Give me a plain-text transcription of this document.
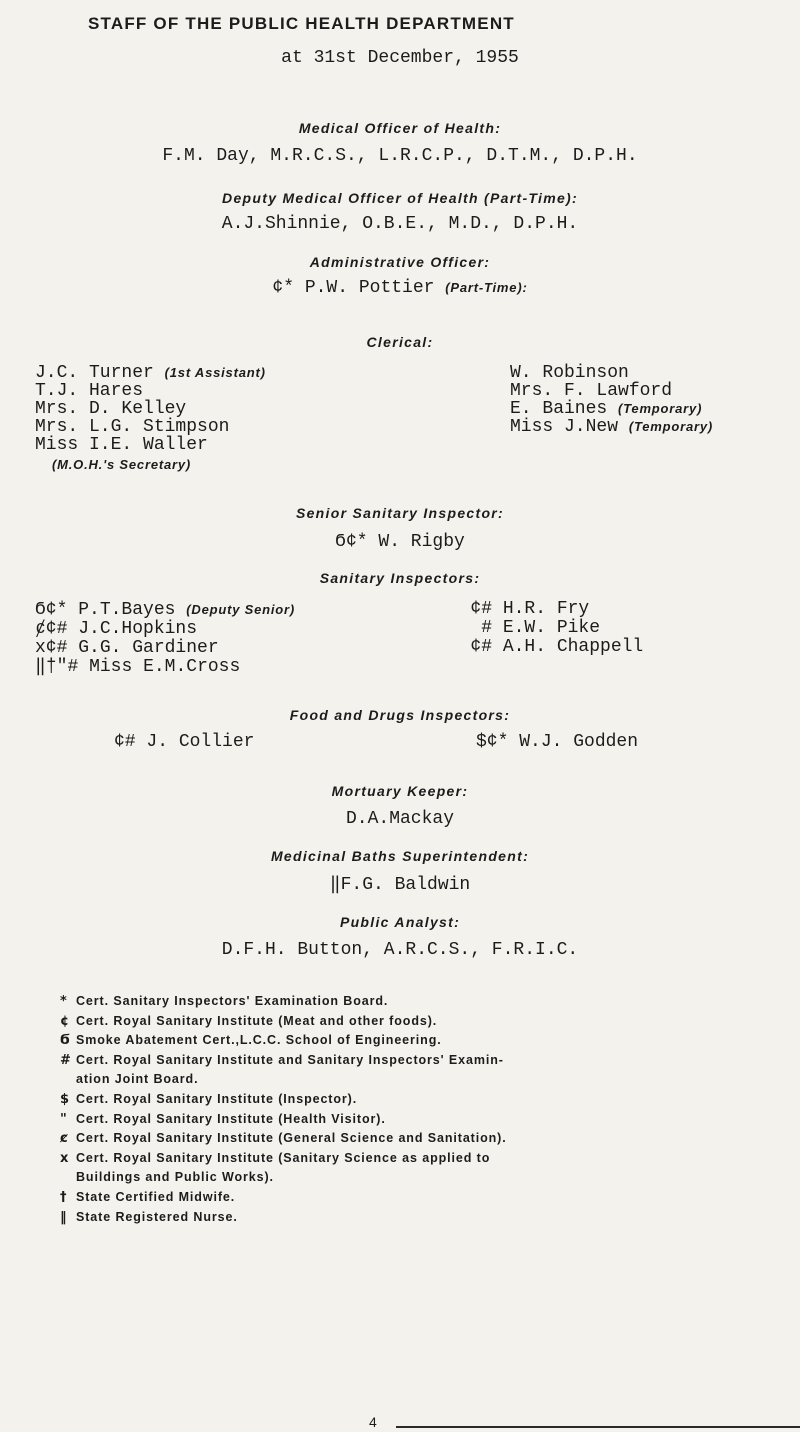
STAFF OF THE PUBLIC HEALTH DEPARTMENT
at 31st December, 1955
Medical Officer of Health:
F.M. Day, M.R.C.S., L.R.C.P., D.T.M., D.P.H.
Deputy Medical Officer of Health (Part-Time):
A.J.Shinnie, O.B.E., M.D., D.P.H.
Administrative Officer:
¢* P.W. Pottier (Part-Time):
Clerical:
J.C. Turner (1st Assistant)
T.J. Hares
Mrs. D. Kelley
Mrs. L.G. Stimpson
Miss I.E. Waller
(M.O.H.'s Secretary)
W. Robinson
Mrs. F. Lawford
E. Baines (Temporary)
Miss J.New (Temporary)
Senior Sanitary Inspector:
Ϭ¢* W. Rigby
Sanitary Inspectors:
Ϭ¢* P.T.Bayes (Deputy Senior)
ȼ¢# J.C.Hopkins
x¢# G.G. Gardiner
‖†"# Miss E.M.Cross
¢# H.R. Fry
# E.W. Pike
¢# A.H. Chappell
Food and Drugs Inspectors:
¢# J. Collier	$¢* W.J. Godden
Mortuary Keeper:
D.A.Mackay
Medicinal Baths Superintendent:
‖F.G. Baldwin
Public Analyst:
D.F.H. Button, A.R.C.S., F.R.I.C.
* Cert. Sanitary Inspectors' Examination Board.
¢ Cert. Royal Sanitary Institute (Meat and other foods).
Ϭ Smoke Abatement Cert.,L.C.C. School of Engineering.
# Cert. Royal Sanitary Institute and Sanitary Inspectors' Examin-
ation Joint Board.
$ Cert. Royal Sanitary Institute (Inspector).
" Cert. Royal Sanitary Institute (Health Visitor).
ȼ Cert. Royal Sanitary Institute (General Science and Sanitation).
x Cert. Royal Sanitary Institute (Sanitary Science as applied to
Buildings and Public Works).
† State Certified Midwife.
‖ State Registered Nurse.
4
